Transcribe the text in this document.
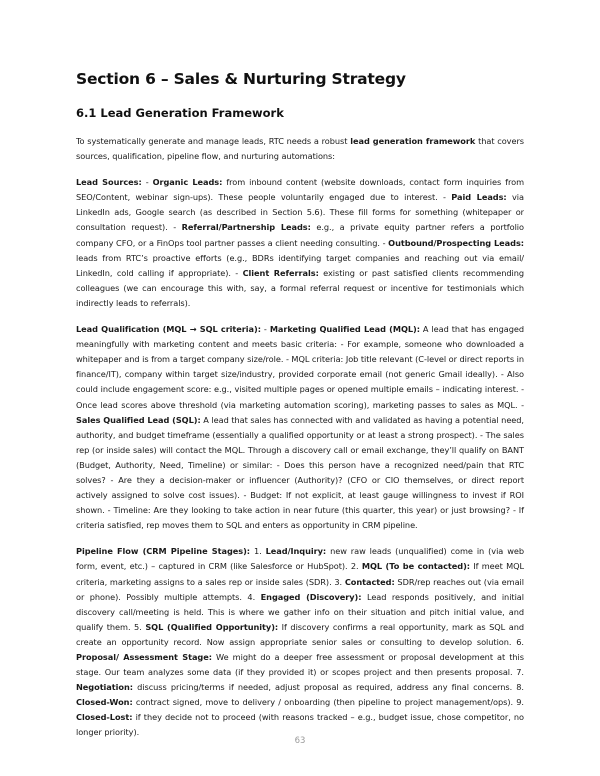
Section 6 – Sales & Nurturing Strategy
6.1 Lead Generation Framework

To systematically generate and manage leads, RTC needs a robust lead generation framework that covers sources, qualification, pipeline flow, and nurturing automations:

Lead Sources: - Organic Leads: from inbound content (website downloads, contact form inquiries from SEO/Content, webinar sign-ups). These people voluntarily engaged due to interest. - Paid Leads: via LinkedIn ads, Google search (as described in Section 5.6). These fill forms for something (whitepaper or consultation request). - Referral/Partnership Leads: e.g., a private equity partner refers a portfolio company CFO, or a FinOps tool partner passes a client needing consulting. - Outbound/Prospecting Leads: leads from RTC’s proactive efforts (e.g., BDRs identifying target companies and reaching out via email/ LinkedIn, cold calling if appropriate). - Client Referrals: existing or past satisfied clients recommending colleagues (we can encourage this with, say, a formal referral request or incentive for testimonials which indirectly leads to referrals).

Lead Qualification (MQL → SQL criteria): - Marketing Qualified Lead (MQL): A lead that has engaged meaningfully with marketing content and meets basic criteria: - For example, someone who downloaded a whitepaper and is from a target company size/role. - MQL criteria: Job title relevant (C-level or direct reports in finance/IT), company within target size/industry, provided corporate email (not generic Gmail ideally). - Also could include engagement score: e.g., visited multiple pages or opened multiple emails – indicating interest. - Once lead scores above threshold (via marketing automation scoring), marketing passes to sales as MQL. - Sales Qualified Lead (SQL): A lead that sales has connected with and validated as having a potential need, authority, and budget timeframe (essentially a qualified opportunity or at least a strong prospect). - The sales rep (or inside sales) will contact the MQL. Through a discovery call or email exchange, they’ll qualify on BANT (Budget, Authority, Need, Timeline) or similar: - Does this person have a recognized need/pain that RTC solves? - Are they a decision-maker or influencer (Authority)? (CFO or CIO themselves, or direct report actively assigned to solve cost issues). - Budget: If not explicit, at least gauge willingness to invest if ROI shown. - Timeline: Are they looking to take action in near future (this quarter, this year) or just browsing? - If criteria satisfied, rep moves them to SQL and enters as opportunity in CRM pipeline.

Pipeline Flow (CRM Pipeline Stages): 1. Lead/Inquiry: new raw leads (unqualified) come in (via web form, event, etc.) – captured in CRM (like Salesforce or HubSpot). 2. MQL (To be contacted): If meet MQL criteria, marketing assigns to a sales rep or inside sales (SDR). 3. Contacted: SDR/rep reaches out (via email or phone). Possibly multiple attempts. 4. Engaged (Discovery): Lead responds positively, and initial discovery call/meeting is held. This is where we gather info on their situation and pitch initial value, and qualify them. 5. SQL (Qualified Opportunity): If discovery confirms a real opportunity, mark as SQL and create an opportunity record. Now assign appropriate senior sales or consulting to develop solution. 6. Proposal/ Assessment Stage: We might do a deeper free assessment or proposal development at this stage. Our team analyzes some data (if they provided it) or scopes project and then presents proposal. 7. Negotiation: discuss pricing/terms if needed, adjust proposal as required, address any final concerns. 8. Closed-Won: contract signed, move to delivery / onboarding (then pipeline to project management/ops). 9. Closed-Lost: if they decide not to proceed (with reasons tracked – e.g., budget issue, chose competitor, no longer priority).

63
